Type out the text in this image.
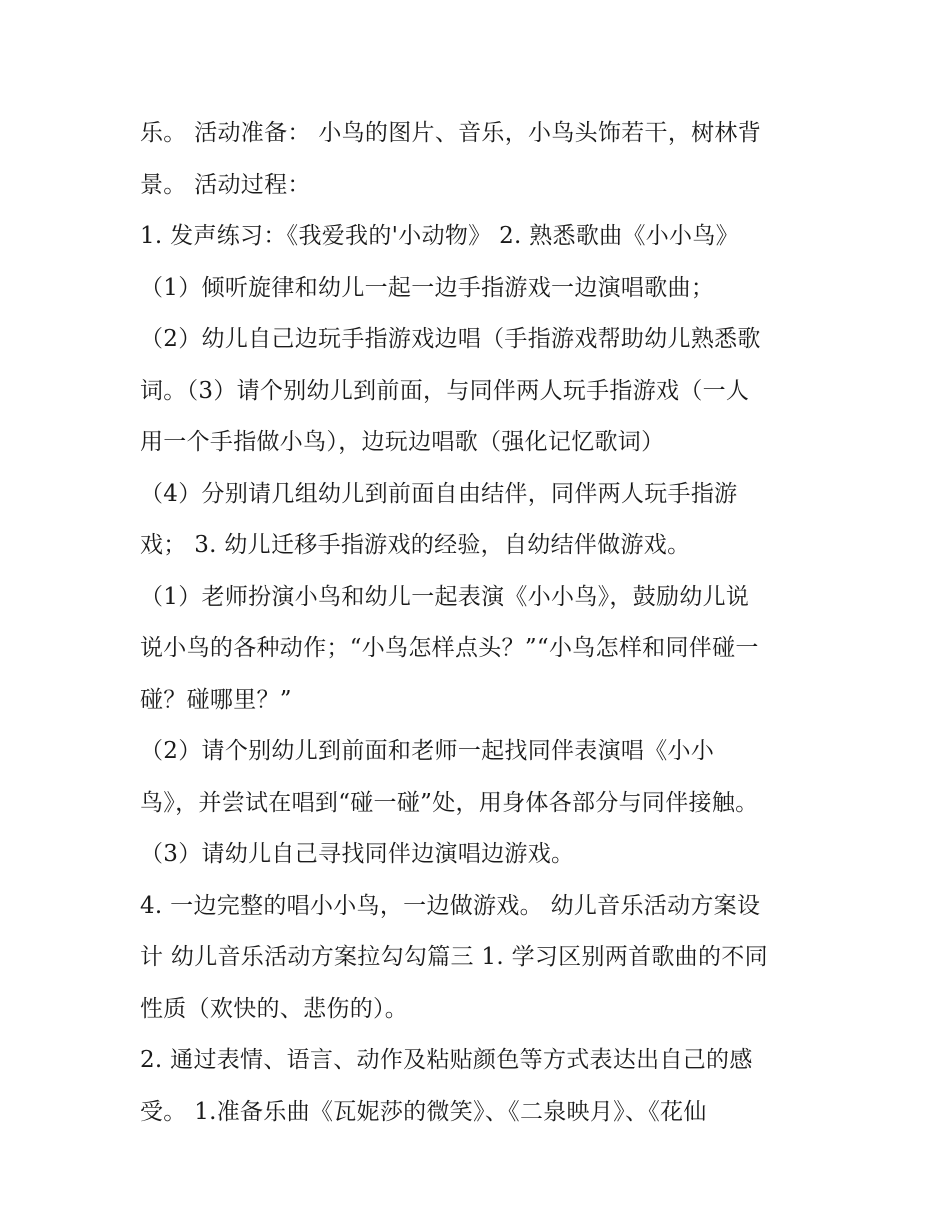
乐。 活动准备： 小鸟的图片、音乐，小鸟头饰若干，树林背
景。 活动过程：
1. 发声练习：《我爱我的'小动物》 2. 熟悉歌曲《小小鸟》
（1）倾听旋律和幼儿一起一边手指游戏一边演唱歌曲；
（2）幼儿自己边玩手指游戏边唱（手指游戏帮助幼儿熟悉歌
词。（3）请个别幼儿到前面，与同伴两人玩手指游戏（一人
用一个手指做小鸟），边玩边唱歌（强化记忆歌词）
（4）分别请几组幼儿到前面自由结伴，同伴两人玩手指游
戏； 3. 幼儿迁移手指游戏的经验，自幼结伴做游戏。
（1）老师扮演小鸟和幼儿一起表演《小小鸟》，鼓励幼儿说
说小鸟的各种动作；“小鸟怎样点头？”“小鸟怎样和同伴碰一
碰？碰哪里？”
（2）请个别幼儿到前面和老师一起找同伴表演唱《小小
鸟》，并尝试在唱到“碰一碰”处，用身体各部分与同伴接触。
（3）请幼儿自己寻找同伴边演唱边游戏。
4. 一边完整的唱小小鸟，一边做游戏。 幼儿音乐活动方案设
计 幼儿音乐活动方案拉勾勾篇三 1. 学习区别两首歌曲的不同
性质（欢快的、悲伤的）。
2. 通过表情、语言、动作及粘贴颜色等方式表达出自己的感
受。 1.准备乐曲《瓦妮莎的微笑》、《二泉映月》、《花仙
